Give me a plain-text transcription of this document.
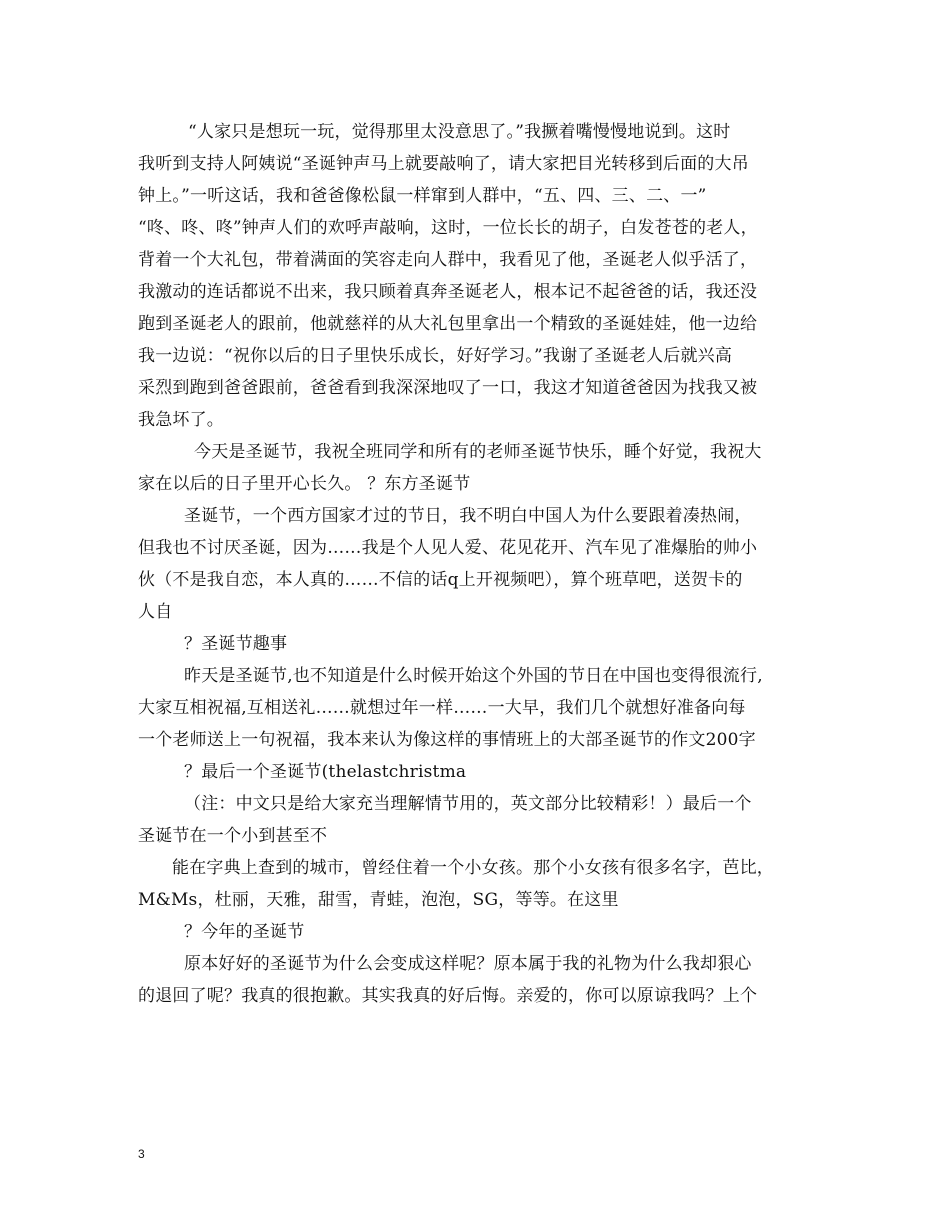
“人家只是想玩一玩，觉得那里太没意思了。”我撅着嘴慢慢地说到。这时
我听到支持人阿姨说“圣诞钟声马上就要敲响了，请大家把目光转移到后面的大吊
钟上。”一听这话，我和爸爸像松鼠一样窜到人群中，“五、四、三、二、一”
“咚、咚、咚”钟声人们的欢呼声敲响，这时，一位长长的胡子，白发苍苍的老人，
背着一个大礼包，带着满面的笑容走向人群中，我看见了他，圣诞老人似乎活了，
我激动的连话都说不出来，我只顾着真奔圣诞老人，根本记不起爸爸的话，我还没
跑到圣诞老人的跟前，他就慈祥的从大礼包里拿出一个精致的圣诞娃娃，他一边给
我一边说：“祝你以后的日子里快乐成长，好好学习。”我谢了圣诞老人后就兴高
采烈到跑到爸爸跟前，爸爸看到我深深地叹了一口，我这才知道爸爸因为找我又被
我急坏了。
今天是圣诞节，我祝全班同学和所有的老师圣诞节快乐，睡个好觉，我祝大
家在以后的日子里开心长久。 ？东方圣诞节
圣诞节，一个西方国家才过的节日，我不明白中国人为什么要跟着凑热闹，
但我也不讨厌圣诞，因为……我是个人见人爱、花见花开、汽车见了准爆胎的帅小
伙（不是我自恋，本人真的……不信的话q上开视频吧），算个班草吧，送贺卡的
人自
？圣诞节趣事
昨天是圣诞节,也不知道是什么时候开始这个外国的节日在中国也变得很流行,
大家互相祝福,互相送礼……就想过年一样……一大早，我们几个就想好准备向每
一个老师送上一句祝福，我本来认为像这样的事情班上的大部圣诞节的作文200字
？最后一个圣诞节(thelastchristma
（注：中文只是给大家充当理解情节用的，英文部分比较精彩！）最后一个
圣诞节在一个小到甚至不
能在字典上查到的城市，曾经住着一个小女孩。那个小女孩有很多名字，芭比，
M&Ms，杜丽，天雅，甜雪，青蛙，泡泡，SG，等等。在这里
？今年的圣诞节
原本好好的圣诞节为什么会变成这样呢？原本属于我的礼物为什么我却狠心
的退回了呢？我真的很抱歉。其实我真的好后悔。亲爱的，你可以原谅我吗？上个
3
